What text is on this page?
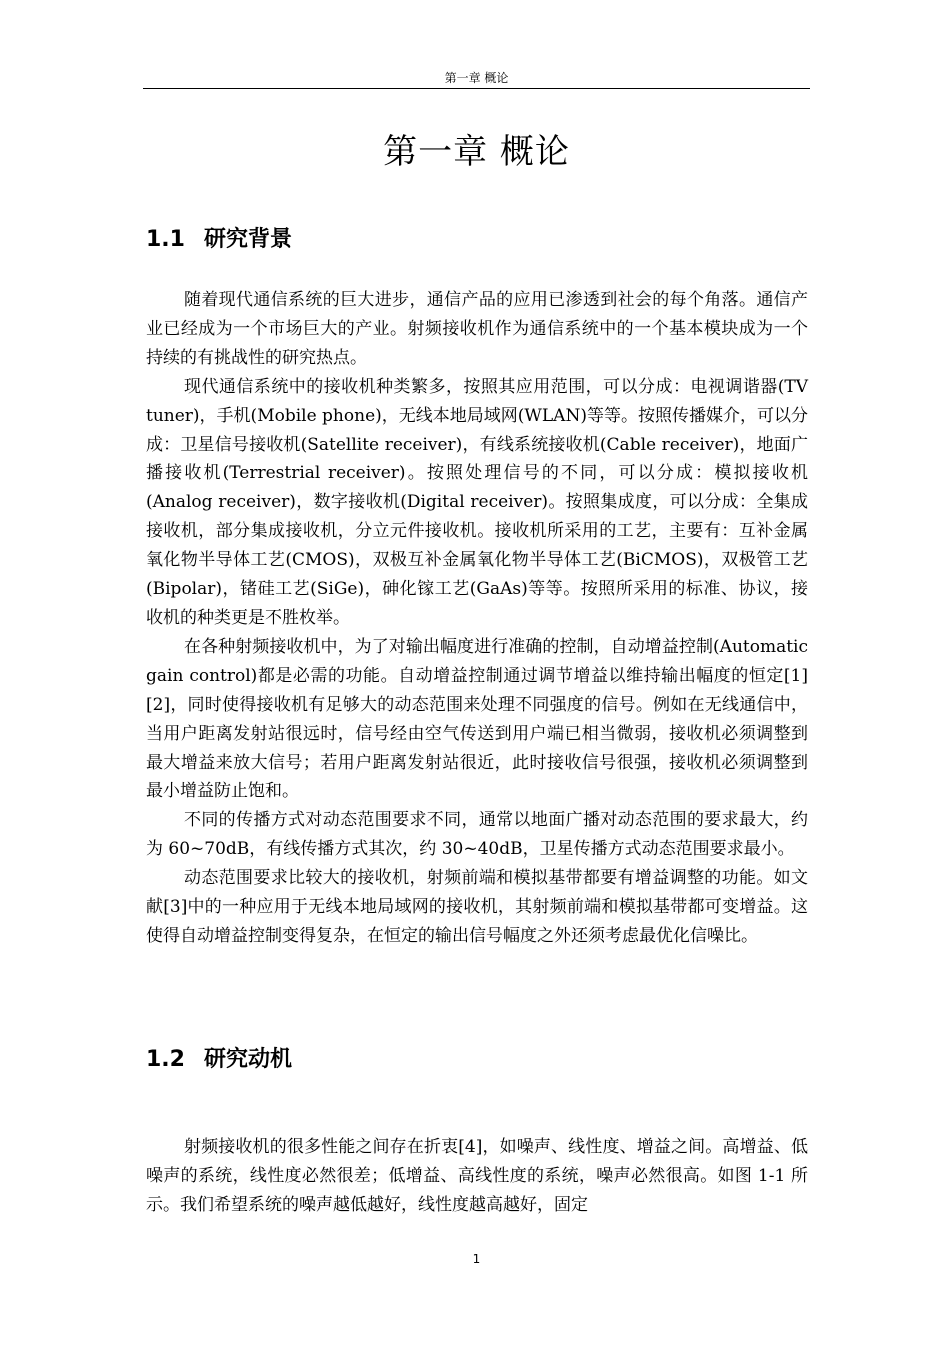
第一章 概论
第一章 概论
1.1 研究背景

随着现代通信系统的巨大进步，通信产品的应用已渗透到社会的每个角落。通信产业已经成为一个市场巨大的产业。射频接收机作为通信系统中的一个基本模块成为一个持续的有挑战性的研究热点。

现代通信系统中的接收机种类繁多，按照其应用范围，可以分成：电视调谐器(TV tuner)，手机(Mobile phone)，无线本地局域网(WLAN)等等。按照传播媒介，可以分成：卫星信号接收机(Satellite receiver)，有线系统接收机(Cable receiver)，地面广播接收机(Terrestrial receiver)。按照处理信号的不同，可以分成：模拟接收机(Analog receiver)，数字接收机(Digital receiver)。按照集成度，可以分成：全集成接收机，部分集成接收机，分立元件接收机。接收机所采用的工艺，主要有：互补金属氧化物半导体工艺(CMOS)，双极互补金属氧化物半导体工艺(BiCMOS)，双极管工艺(Bipolar)，锗硅工艺(SiGe)，砷化镓工艺(GaAs)等等。按照所采用的标准、协议，接收机的种类更是不胜枚举。

在各种射频接收机中，为了对输出幅度进行准确的控制，自动增益控制(Automatic gain control)都是必需的功能。自动增益控制通过调节增益以维持输出幅度的恒定[1][2]，同时使得接收机有足够大的动态范围来处理不同强度的信号。例如在无线通信中，当用户距离发射站很远时，信号经由空气传送到用户端已相当微弱，接收机必须调整到最大增益来放大信号；若用户距离发射站很近，此时接收信号很强，接收机必须调整到最小增益防止饱和。

不同的传播方式对动态范围要求不同，通常以地面广播对动态范围的要求最大，约为 60~70dB，有线传播方式其次，约 30~40dB，卫星传播方式动态范围要求最小。

动态范围要求比较大的接收机，射频前端和模拟基带都要有增益调整的功能。如文献[3]中的一种应用于无线本地局域网的接收机，其射频前端和模拟基带都可变增益。这使得自动增益控制变得复杂，在恒定的输出信号幅度之外还须考虑最优化信噪比。

1.2 研究动机

射频接收机的很多性能之间存在折衷[4]，如噪声、线性度、增益之间。高增益、低噪声的系统，线性度必然很差；低增益、高线性度的系统，噪声必然很高。如图 1-1 所示。我们希望系统的噪声越低越好，线性度越高越好，固定

1
